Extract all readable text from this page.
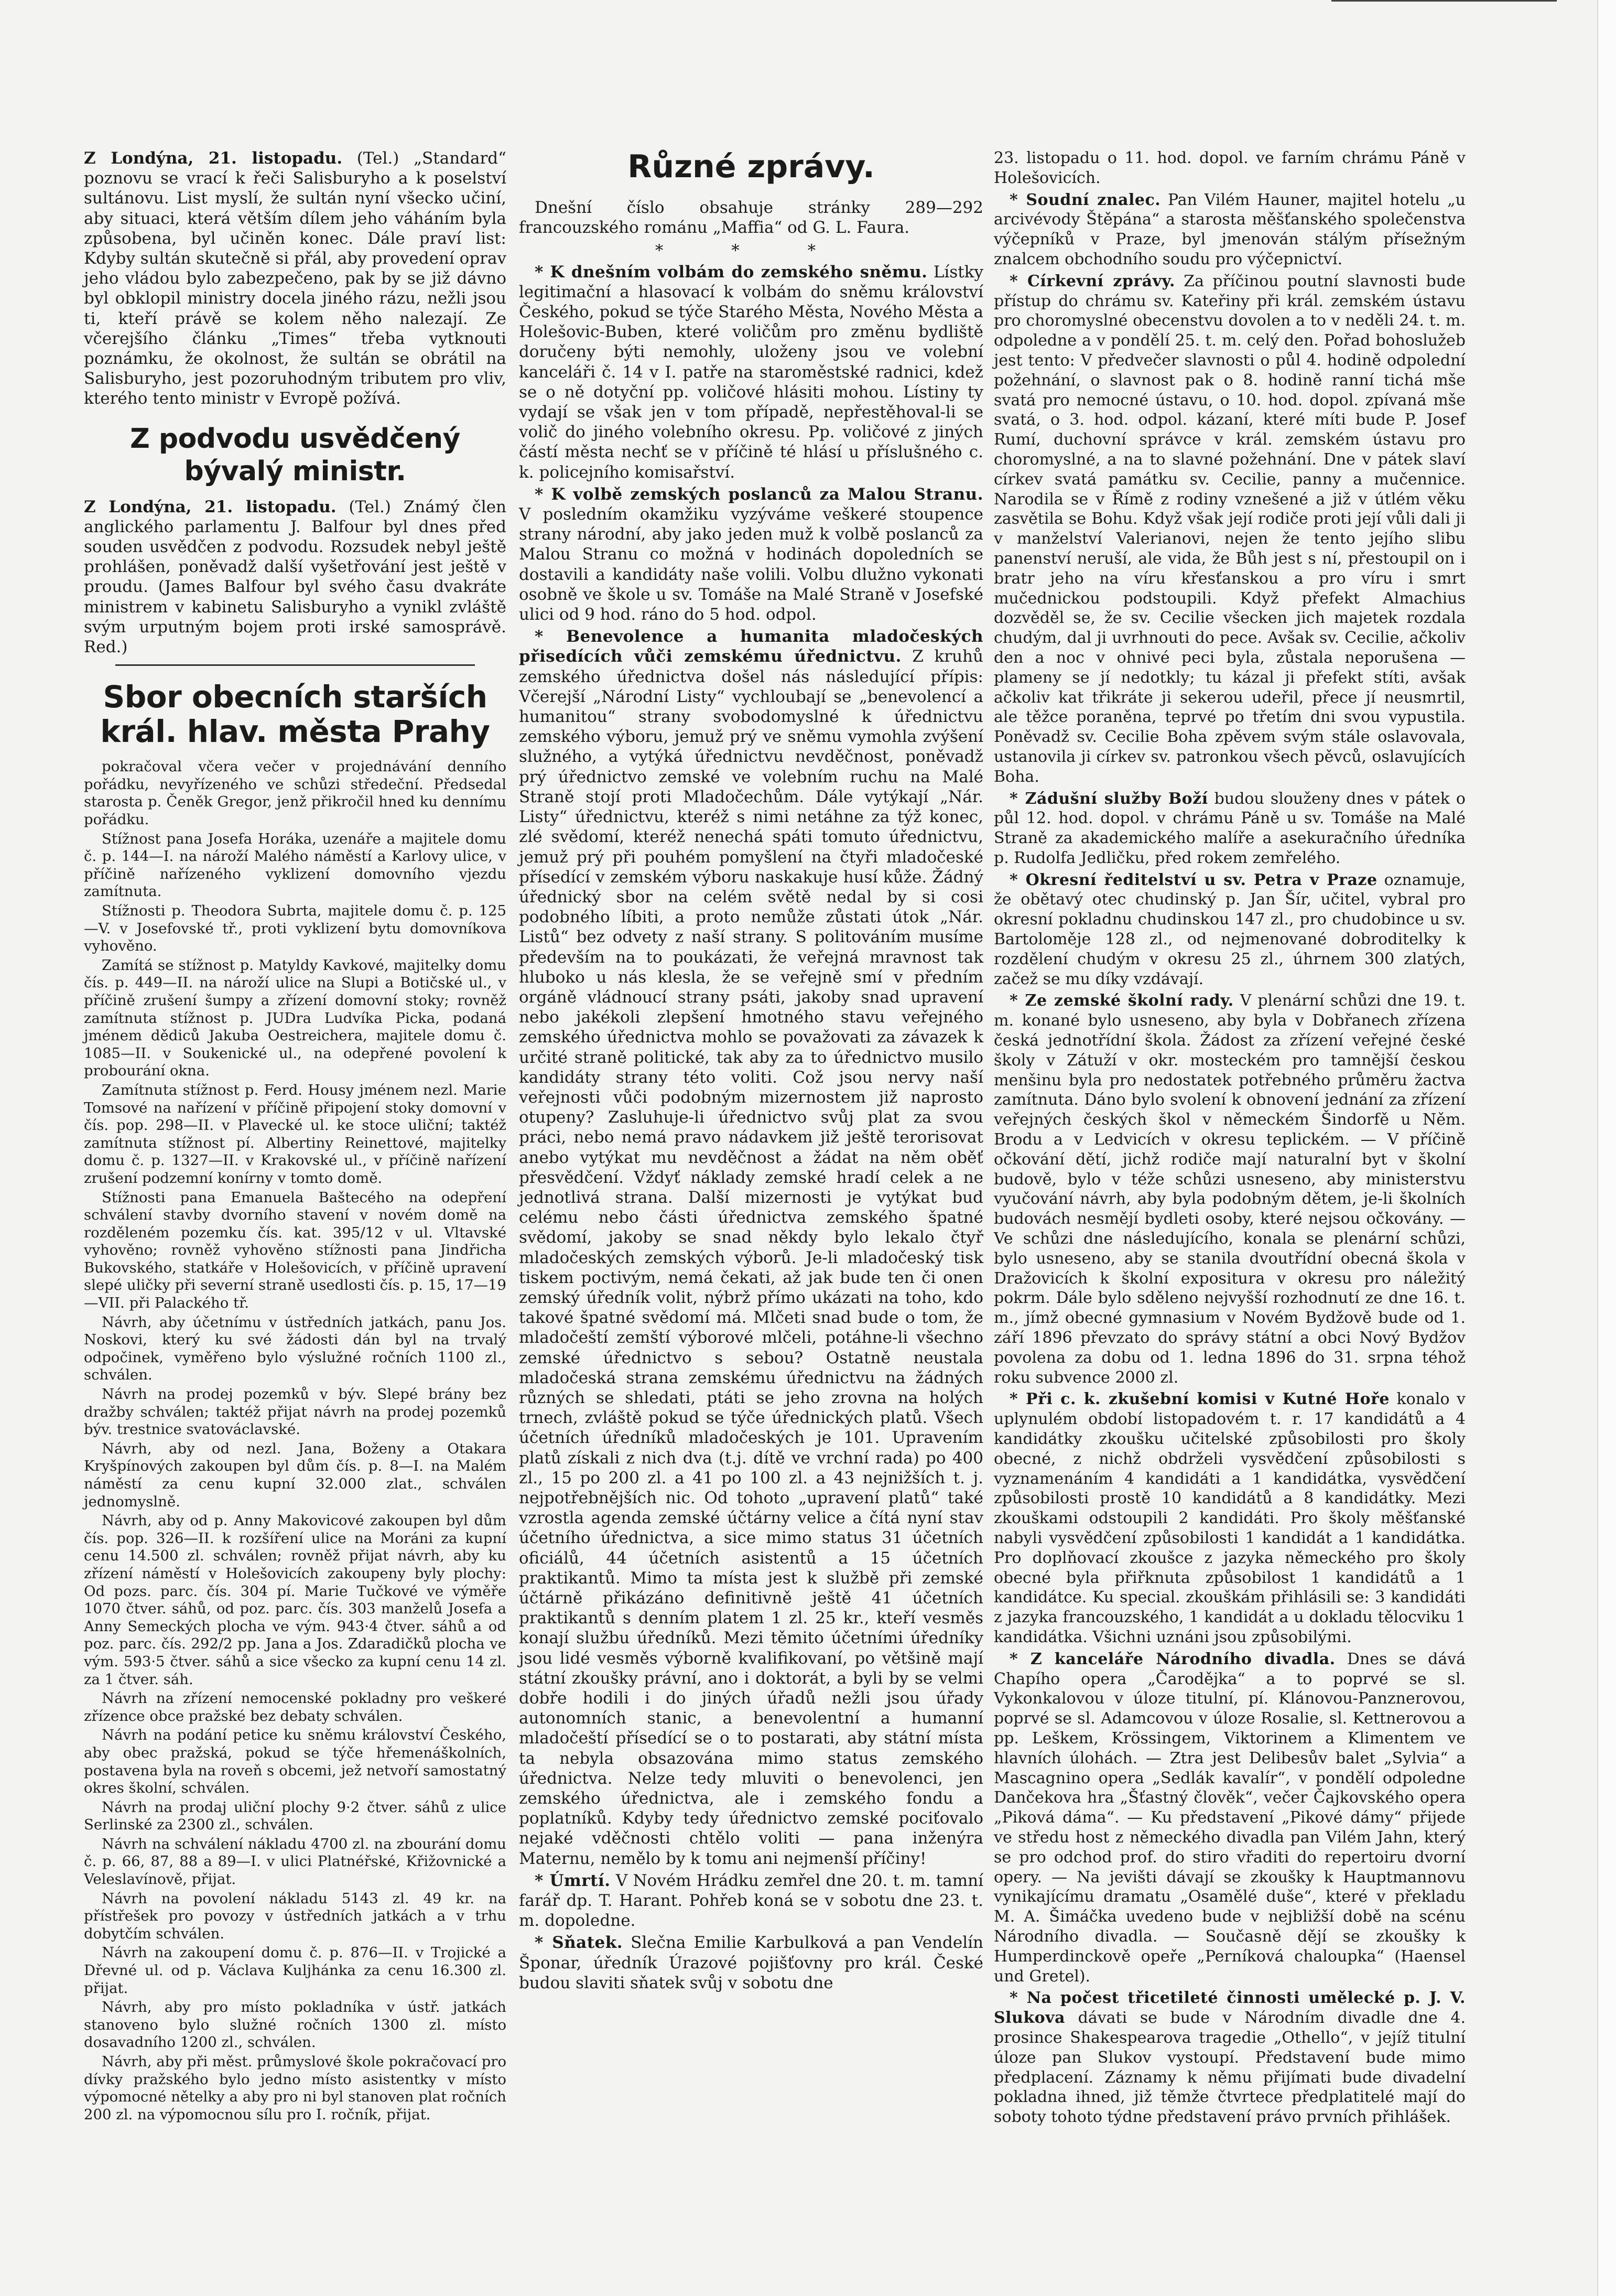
Z Londýna, 21. listopadu. (Tel.) „Standard“ poznovu se vrací k řeči Salisburyho a k poselství sultánovu. List myslí, že sultán nyní všecko učiní, aby situaci, která větším dílem jeho váháním byla způsobena, byl učiněn konec. Dále praví list: Kdyby sultán skutečně si přál, aby provedení oprav jeho vládou bylo zabezpečeno, pak by se již dávno byl obklopil ministry docela jiného rázu, nežli jsou ti, kteří právě se kolem něho nalezají. Ze včerejšího článku „Times“ třeba vytknouti poznámku, že okolnost, že sultán se obrátil na Salisburyho, jest pozoruhodným tributem pro vliv, kterého tento ministr v Evropě požívá.
Z podvodu usvědčený bývalý ministr.
Z Londýna, 21. listopadu. (Tel.) Známý člen anglického parlamentu J. Balfour byl dnes před souden usvědčen z podvodu. Rozsudek nebyl ještě prohlášen, poněvadž další vyšetřování jest ještě v proudu. (James Balfour byl svého času dvakráte ministrem v kabinetu Salisburyho a vynikl zvláště svým urputným bojem proti irské samosprávě. Red.)
Sbor obecních starších král. hlav. města Prahy

pokračoval včera večer v projednávání denního pořádku, nevyřízeného ve schůzi středeční. Předsedal starosta p. Čeněk Gregor, jenž přikročil hned ku dennímu pořádku.

Stížnost pana Josefa Horáka, uzenáře a majitele domu č. p. 144—I. na nároží Malého náměstí a Karlovy ulice, v příčině nařízeného vyklizení domovního vjezdu zamítnuta.

Stížnosti p. Theodora Subrta, majitele domu č. p. 125—V. v Josefovské tř., proti vyklizení bytu domovníkova vyhověno.

Zamítá se stížnost p. Matyldy Kavkové, majitelky domu čís. p. 449—II. na nároží ulice na Slupi a Botičské ul., v příčině zrušení šumpy a zřízení domovní stoky; rovněž zamítnuta stížnost p. JUDra Ludvíka Picka, podaná jménem dědiců Jakuba Oestreichera, majitele domu č. 1085—II. v Soukenické ul., na odepřené povolení k probourání okna.

Zamítnuta stížnost p. Ferd. Housy jménem nezl. Marie Tomsové na nařízení v příčině připojení stoky domovní v čís. pop. 298—II. v Plavecké ul. ke stoce uliční; taktéž zamítnuta stížnost pí. Albertiny Reinettové, majitelky domu č. p. 1327—II. v Krakovské ul., v příčině nařízení zrušení podzemní konírny v tomto domě.

Stížnosti pana Emanuela Baštecého na odepření schválení stavby dvorního stavení v novém domě na rozděleném pozemku čís. kat. 395/12 v ul. Vltavské vyhověno; rovněž vyhověno stížnosti pana Jindřicha Bukovského, statkáře v Holešovicích, v příčině upravení slepé uličky při severní straně usedlosti čís. p. 15, 17—19—VII. při Palackého tř.

Návrh, aby účetnímu v ústředních jatkách, panu Jos. Noskovi, který ku své žádosti dán byl na trvalý odpočinek, vyměřeno bylo výslužné ročních 1100 zl., schválen.

Návrh na prodej pozemků v býv. Slepé brány bez dražby schválen; taktéž přijat návrh na prodej pozemků býv. trestnice svatováclavské.

Návrh, aby od nezl. Jana, Boženy a Otakara Kryšpínových zakoupen byl dům čís. p. 8—I. na Malém náměstí za cenu kupní 32.000 zlat., schválen jednomyslně.

Návrh, aby od p. Anny Makovicové zakoupen byl dům čís. pop. 326—II. k rozšíření ulice na Moráni za kupní cenu 14.500 zl. schválen; rovněž přijat návrh, aby ku zřízení náměstí v Holešovicích zakoupeny byly plochy: Od pozs. parc. čís. 304 pí. Marie Tučkové ve výměře 1070 čtver. sáhů, od poz. parc. čís. 303 manželů Josefa a Anny Semeckých plocha ve vým. 943·4 čtver. sáhů a od poz. parc. čís. 292/2 pp. Jana a Jos. Zdaradičků plocha ve vým. 593·5 čtver. sáhů a sice všecko za kupní cenu 14 zl. za 1 čtver. sáh.

Návrh na zřízení nemocenské pokladny pro veškeré zřízence obce pražské bez debaty schválen.

Návrh na podání petice ku sněmu království Českého, aby obec pražská, pokud se týče hřemenáškolních, postavena byla na roveň s obcemi, jež netvoří samostatný okres školní, schválen.

Návrh na prodaj uliční plochy 9·2 čtver. sáhů z ulice Serlinské za 2300 zl., schválen.

Návrh na schválení nákladu 4700 zl. na zbourání domu č. p. 66, 87, 88 a 89—I. v ulici Platnéřské, Křižovnické a Veleslavínově, přijat.

Návrh na povolení nákladu 5143 zl. 49 kr. na přístřešek pro povozy v ústředních jatkách a v trhu dobytčím schválen.

Návrh na zakoupení domu č. p. 876—II. v Trojické a Dřevné ul. od p. Václava Kuljhánka za cenu 16.300 zl. přijat.

Návrh, aby pro místo pokladníka v ústř. jatkách stanoveno bylo služné ročních 1300 zl. místo dosavadního 1200 zl., schválen.

Návrh, aby při měst. průmyslové škole pokračovací pro dívky pražského bylo jedno místo asistentky v místo výpomocné nětelky a aby pro ni byl stanoven plat ročních 200 zl. na výpomocnou sílu pro I. ročník, přijat.

Různé zprávy.

Dnešní číslo obsahuje stránky 289—292 francouzského románu „Maffia“ od G. L. Faura.

* * *

* K dnešním volbám do zemského sněmu. Lístky legitimační a hlasovací k volbám do sněmu království Českého, pokud se týče Starého Města, Nového Města a Holešovic-Buben, které voličům pro změnu bydliště doručeny býti nemohly, uloženy jsou ve volební kanceláři č. 14 v I. patře na staroměstské radnici, kdež se o ně dotyční pp. voličové hlásiti mohou. Lístiny ty vydají se však jen v tom případě, nepřestěhoval-li se volič do jiného volebního okresu. Pp. voličové z jiných částí města nechť se v příčině té hlásí u příslušného c. k. policejního komisařství.

* K volbě zemských poslanců za Malou Stranu. V posledním okamžiku vyzýváme veškeré stoupence strany národní, aby jako jeden muž k volbě poslanců za Malou Stranu co možná v hodinách dopoledních se dostavili a kandidáty naše volili. Volbu dlužno vykonati osobně ve škole u sv. Tomáše na Malé Straně v Josefské ulici od 9 hod. ráno do 5 hod. odpol.

* Benevolence a humanita mladočeských přisedících vůči zemskému úřednictvu. Z kruhů zemského úřednictva došel nás následující přípis: Včerejší „Národní Listy“ vychloubají se „benevolencí a humanitou“ strany svobodomyslné k úřednictvu zemského výboru, jemuž prý ve sněmu vymohla zvýšení služného, a vytýká úřednictvu nevděčnost, poněvadž prý úřednictvo zemské ve volebním ruchu na Malé Straně stojí proti Mladočechům. Dále vytýkají „Nár. Listy“ úřednictvu, kteréž s nimi netáhne za týž konec, zlé svědomí, kteréž nenechá spáti tomuto úřednictvu, jemuž prý při pouhém pomyšlení na čtyři mladočeské přísedící v zemském výboru naskakuje husí kůže. Žádný úřednický sbor na celém světě nedal by si cosi podobného líbiti, a proto nemůže zůstati útok „Nár. Listů“ bez odvety z naší strany. S politováním musíme především na to poukázati, že veřejná mravnost tak hluboko u nás klesla, že se veřejně smí v předním orgáně vládnoucí strany psáti, jakoby snad upravení nebo jakékoli zlepšení hmotného stavu veřejného zemského úřednictva mohlo se považovati za závazek k určité straně politické, tak aby za to úřednictvo musilo kandidáty strany této voliti. Což jsou nervy naší veřejnosti vůči podobným mizernostem již naprosto otupeny? Zasluhuje-li úřednictvo svůj plat za svou práci, nebo nemá pravo nádavkem již ještě terorisovat anebo vytýkat mu nevděčnost a žádat na něm oběť přesvědčení. Vždyť náklady zemské hradí celek a ne jednotlivá strana. Další mizernosti je vytýkat bud celému nebo části úřednictva zemského špatné svědomí, jakoby se snad někdy bylo lekalo čtyř mladočeských zemských výborů. Je-li mladočeský tisk tiskem poctivým, nemá čekati, až jak bude ten či onen zemský úředník volit, nýbrž přímo ukázati na toho, kdo takové špatné svědomí má. Mlčeti snad bude o tom, že mladočeští zemští výborové mlčeli, potáhne-li všechno zemské úřednictvo s sebou? Ostatně neustala mladočeská strana zemskému úřednictvu na žádných různých se shledati, ptáti se jeho zrovna na holých trnech, zvláště pokud se týče úřednických platů. Všech účetních úředníků mladočeských je 101. Upravením platů získali z nich dva (t.j. dítě ve vrchní rada) po 400 zl., 15 po 200 zl. a 41 po 100 zl. a 43 nejnižších t. j. nejpotřebnějších nic. Od tohoto „upravení platů“ také vzrostla agenda zemské účtárny velice a čítá nyní stav účetního úřednictva, a sice mimo status 31 účetních oficiálů, 44 účetních asistentů a 15 účetních praktikantů. Mimo ta místa jest k službě při zemské účtárně přikázáno definitivně ještě 41 účetních praktikantů s denním platem 1 zl. 25 kr., kteří vesměs konají službu úředníků. Mezi těmito účetními úředníky jsou lidé vesměs výborně kvalifikovaní, po většině mají státní zkoušky právní, ano i doktorát, a byli by se velmi dobře hodili i do jiných úřadů nežli jsou úřady autonomních stanic, a benevolentní a humanní mladočeští přísedící se o to postarati, aby státní místa ta nebyla obsazována mimo status zemského úřednictva. Nelze tedy mluviti o benevolenci, jen zemského úřednictva, ale i zemského fondu a poplatníků. Kdyby tedy úřednictvo zemské pociťovalo nejaké vděčnosti chtělo voliti — pana inženýra Maternu, nemělo by k tomu ani nejmenší příčiny!

* Úmrtí. V Novém Hrádku zemřel dne 20. t. m. tamní farář dp. T. Harant. Pohřeb koná se v sobotu dne 23. t. m. dopoledne.

* Sňatek. Slečna Emilie Karbulková a pan Vendelín Šponar, úředník Úrazové pojišťovny pro král. České budou slaviti sňatek svůj v sobotu dne

23. listopadu o 11. hod. dopol. ve farním chrámu Páně v Holešovicích.

* Soudní znalec. Pan Vilém Hauner, majitel hotelu „u arcivévody Štěpána“ a starosta měšťanského společenstva výčepníků v Praze, byl jmenován stálým přísežným znalcem obchodního soudu pro výčepnictví.

* Církevní zprávy. Za příčinou poutní slavnosti bude přístup do chrámu sv. Kateřiny při král. zemském ústavu pro choromyslné obecenstvu dovolen a to v neděli 24. t. m. odpoledne a v pondělí 25. t. m. celý den. Pořad bohoslužeb jest tento: V předvečer slavnosti o půl 4. hodině odpolední požehnání, o slavnost pak o 8. hodině ranní tichá mše svatá pro nemocné ústavu, o 10. hod. dopol. zpívaná mše svatá, o 3. hod. odpol. kázaní, které míti bude P. Josef Rumí, duchovní správce v král. zemském ústavu pro choromyslné, a na to slavné požehnání. Dne v pátek slaví církev svatá památku sv. Cecilie, panny a mučennice. Narodila se v Římě z rodiny vznešené a již v útlém věku zasvětila se Bohu. Když však její rodiče proti její vůli dali ji v manželství Valerianovi, nejen že tento jejího slibu panenství neruší, ale vida, že Bůh jest s ní, přestoupil on i bratr jeho na víru křesťanskou a pro víru i smrt mučednickou podstoupili. Když přefekt Almachius dozvěděl se, že sv. Cecilie všecken jich majetek rozdala chudým, dal ji uvrhnouti do pece. Avšak sv. Cecilie, ačkoliv den a noc v ohnivé peci byla, zůstala neporušena — plameny se jí nedotkly; tu kázal ji přefekt stíti, avšak ačkoliv kat třikráte ji sekerou udeřil, přece jí neusmrtil, ale těžce poraněna, teprvé po třetím dni svou vypustila. Poněvadž sv. Cecilie Boha zpěvem svým stále oslavovala, ustanovila ji církev sv. patronkou všech pěvců, oslavujících Boha.

* Zádušní služby Boží budou slouženy dnes v pátek o půl 12. hod. dopol. v chrámu Páně u sv. Tomáše na Malé Straně za akademického malíře a asekuračního úředníka p. Rudolfa Jedličku, před rokem zemřelého.

* Okresní ředitelství u sv. Petra v Praze oznamuje, že obětavý otec chudinský p. Jan Šír, učitel, vybral pro okresní pokladnu chudinskou 147 zl., pro chudobince u sv. Bartoloměje 128 zl., od nejmenované dobroditelky k rozdělení chudým v okresu 25 zl., úhrnem 300 zlatých, začež se mu díky vzdávají.

* Ze zemské školní rady. V plenární schůzi dne 19. t. m. konané bylo usneseno, aby byla v Dobřanech zřízena česká jednotřídní škola. Žádost za zřízení veřejné české školy v Zátuží v okr. mosteckém pro tamnější českou menšinu byla pro nedostatek potřebného průměru žactva zamítnuta. Dáno bylo svolení k obnovení jednání za zřízení veřejných českých škol v německém Šindorfě u Něm. Brodu a v Ledvicích v okresu teplickém. — V příčině očkování dětí, jichž rodiče mají naturalní byt v školní budově, bylo v téže schůzi usneseno, aby ministerstvu vyučování návrh, aby byla podobným dětem, je-li školních budovách nesmějí bydleti osoby, které nejsou očkovány. — Ve schůzi dne následujícího, konala se plenární schůzi, bylo usneseno, aby se stanila dvoutřídní obecná škola v Dražovicích k školní expositura v okresu pro náležitý pokrm. Dále bylo sděleno nejvyšší rozhodnutí ze dne 16. t. m., jímž obecné gymnasium v Novém Bydžově bude od 1. září 1896 převzato do správy státní a obci Nový Bydžov povolena za dobu od 1. ledna 1896 do 31. srpna téhož roku subvence 2000 zl.

* Při c. k. zkušební komisi v Kutné Hoře konalo v uplynulém období listopadovém t. r. 17 kandidátů a 4 kandidátky zkoušku učitelské způsobilosti pro školy obecné, z nichž obdrželi vysvědčení způsobilosti s vyznamenáním 4 kandidáti a 1 kandidátka, vysvědčení způsobilosti prostě 10 kandidátů a 8 kandidátky. Mezi zkouškami odstoupili 2 kandidáti. Pro školy měšťanské nabyli vysvědčení způsobilosti 1 kandidát a 1 kandidátka. Pro doplňovací zkoušce z jazyka německého pro školy obecné byla přiřknuta způsobilost 1 kandidátů a 1 kandidátce. Ku special. zkouškám přihlásili se: 3 kandidáti z jazyka francouzského, 1 kandidát a u dokladu tělocviku 1 kandidátka. Všichni uznáni jsou způsobilými.

* Z kanceláře Národního divadla. Dnes se dává Chapího opera „Čarodějka“ a to poprvé se sl. Vykonkalovou v úloze titulní, pí. Klánovou-Panznerovou, poprvé se sl. Adamcovou v úloze Rosalie, sl. Kettnerovou a pp. Leškem, Krössingem, Viktorinem a Klimentem ve hlavních úlohách. — Ztra jest Delibesův balet „Sylvia“ a Mascagnino opera „Sedlák kavalír“, v pondělí odpoledne Dančekova hra „Šťastný člověk“, večer Čajkovského opera „Piková dáma“. — Ku představení „Pikové dámy“ přijede ve středu host z německého divadla pan Vilém Jahn, který se pro odchod prof. do stiro vřaditi do repertoiru dvorní opery. — Na jevišti dávají se zkoušky k Hauptmannovu vynikajícímu dramatu „Osamělé duše“, které v překladu M. A. Šimáčka uvedeno bude v nejbližší době na scénu Národního divadla. — Současně dějí se zkoušky k Humperdinckově opeře „Perníková chaloupka“ (Haensel und Gretel).

* Na počest třicetileté činnosti umělecké p. J. V. Slukova dávati se bude v Národním divadle dne 4. prosince Shakespearova tragedie „Othello“, v jejíž titulní úloze pan Slukov vystoupí. Představení bude mimo předplacení. Záznamy k němu přijímati bude divadelní pokladna ihned, již těmže čtvrtece předplatitelé mají do soboty tohoto týdne představení právo prvních přihlášek.
